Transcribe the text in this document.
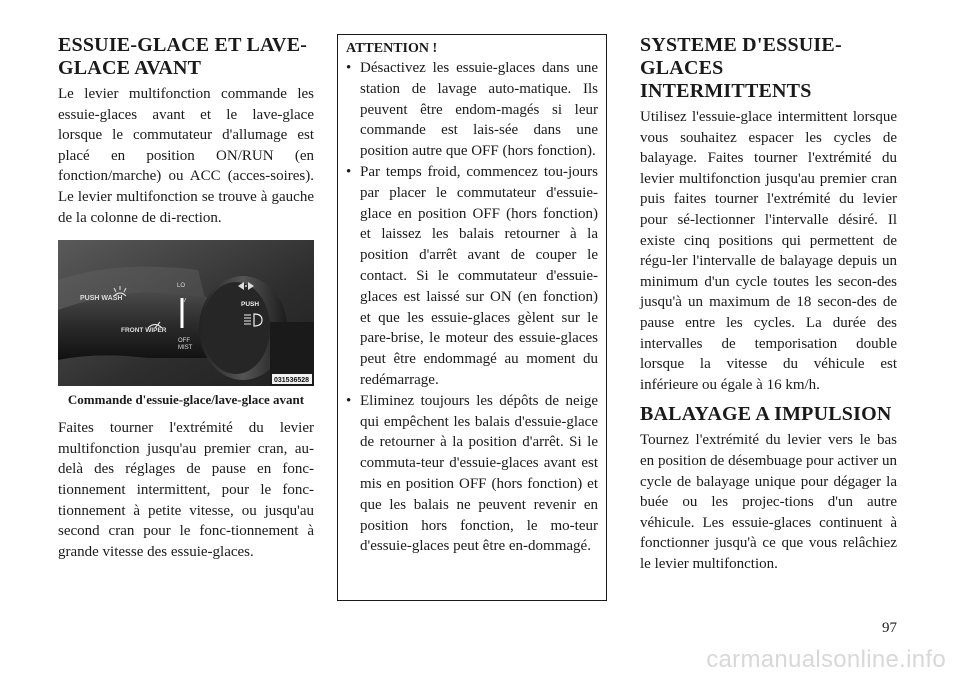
ESSUIE-GLACE ET LAVE-GLACE AVANT

Le levier multifonction commande les essuie-glaces avant et le lave-glace lorsque le commutateur d'allumage est placé en position ON/RUN (en fonction/marche) ou ACC (acces-soires). Le levier multifonction se trouve à gauche de la colonne de di-rection.

PUSH WASH
FRONT WIPER
LO
PUSH
OFF
MIST
031536528
Commande d'essuie-glace/lave-glace avant

Faites tourner l'extrémité du levier multifonction jusqu'au premier cran, au-delà des réglages de pause en fonc-tionnement intermittent, pour le fonc-tionnement à petite vitesse, ou jusqu'au second cran pour le fonc-tionnement à grande vitesse des essuie-glaces.

ATTENTION !
• Désactivez les essuie-glaces dans une station de lavage auto-matique. Ils peuvent être endom-magés si leur commande est lais-sée dans une position autre que OFF (hors fonction).
• Par temps froid, commencez tou-jours par placer le commutateur d'essuie-glace en position OFF (hors fonction) et laissez les balais retourner à la position d'arrêt avant de couper le contact. Si le commutateur d'essuie-glaces est laissé sur ON (en fonction) et que les essuie-glaces gèlent sur le pare-brise, le moteur des essuie-glaces peut être endommagé au moment du redémarrage.
• Eliminez toujours les dépôts de neige qui empêchent les balais d'essuie-glace de retourner à la position d'arrêt. Si le commuta-teur d'essuie-glaces avant est mis en position OFF (hors fonction) et que les balais ne peuvent revenir en position hors fonction, le mo-teur d'essuie-glaces peut être en-dommagé.
SYSTEME D'ESSUIE-GLACES INTERMITTENTS

Utilisez l'essuie-glace intermittent lorsque vous souhaitez espacer les cycles de balayage. Faites tourner l'extrémité du levier multifonction jusqu'au premier cran puis faites tourner l'extrémité du levier pour sé-lectionner l'intervalle désiré. Il existe cinq positions qui permettent de régu-ler l'intervalle de balayage depuis un minimum d'un cycle toutes les secon-des jusqu'à un maximum de 18 secon-des de pause entre les cycles. La durée des intervalles de temporisation double lorsque la vitesse du véhicule est inférieure ou égale à 16 km/h.

BALAYAGE A IMPULSION

Tournez l'extrémité du levier vers le bas en position de désembuage pour activer un cycle de balayage unique pour dégager la buée ou les projec-tions d'un autre véhicule. Les essuie-glaces continuent à fonctionner jusqu'à ce que vous relâchiez le levier multifonction.

97
carmanualsonline.info
